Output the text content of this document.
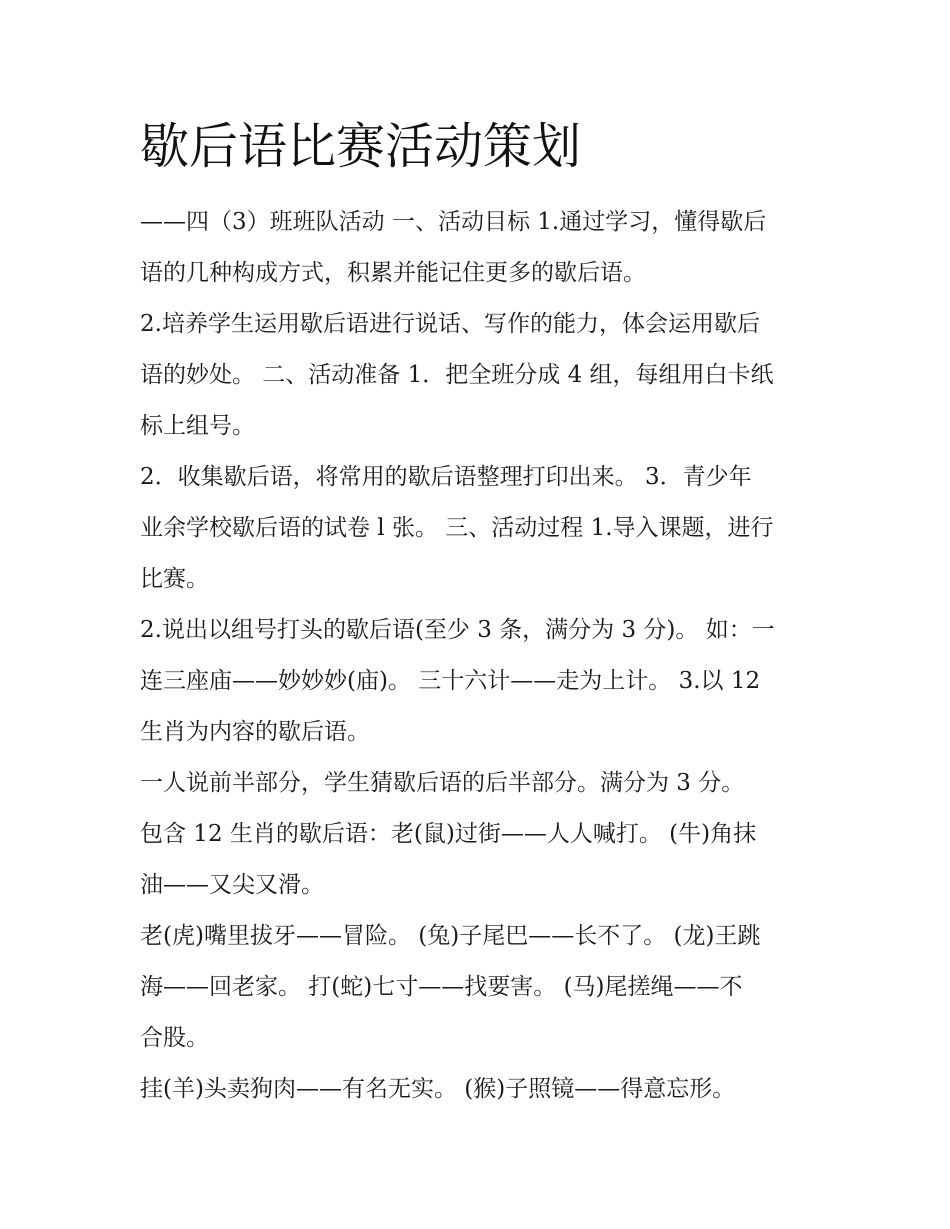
歇后语比赛活动策划

——四（3）班班队活动 一、活动目标 1.通过学习，懂得歇后

语的几种构成方式，积累并能记住更多的歇后语。

2.培养学生运用歇后语进行说话、写作的能力，体会运用歇后

语的妙处。 二、活动准备 1．把全班分成 4 组，每组用白卡纸

标上组号。

2．收集歇后语，将常用的歇后语整理打印出来。 3．青少年

业余学校歇后语的试卷 l 张。 三、活动过程 1.导入课题，进行

比赛。

2.说出以组号打头的歇后语(至少 3 条，满分为 3 分)。 如：一

连三座庙——妙妙妙(庙)。 三十六计——走为上计。 3.以 12

生肖为内容的歇后语。

一人说前半部分，学生猜歇后语的后半部分。满分为 3 分。

包含 12 生肖的歇后语：老(鼠)过街——人人喊打。 (牛)角抹

油——又尖又滑。

老(虎)嘴里拔牙——冒险。 (兔)子尾巴——长不了。 (龙)王跳

海——回老家。 打(蛇)七寸——找要害。 (马)尾搓绳——不

合股。

挂(羊)头卖狗肉——有名无实。 (猴)子照镜——得意忘形。
